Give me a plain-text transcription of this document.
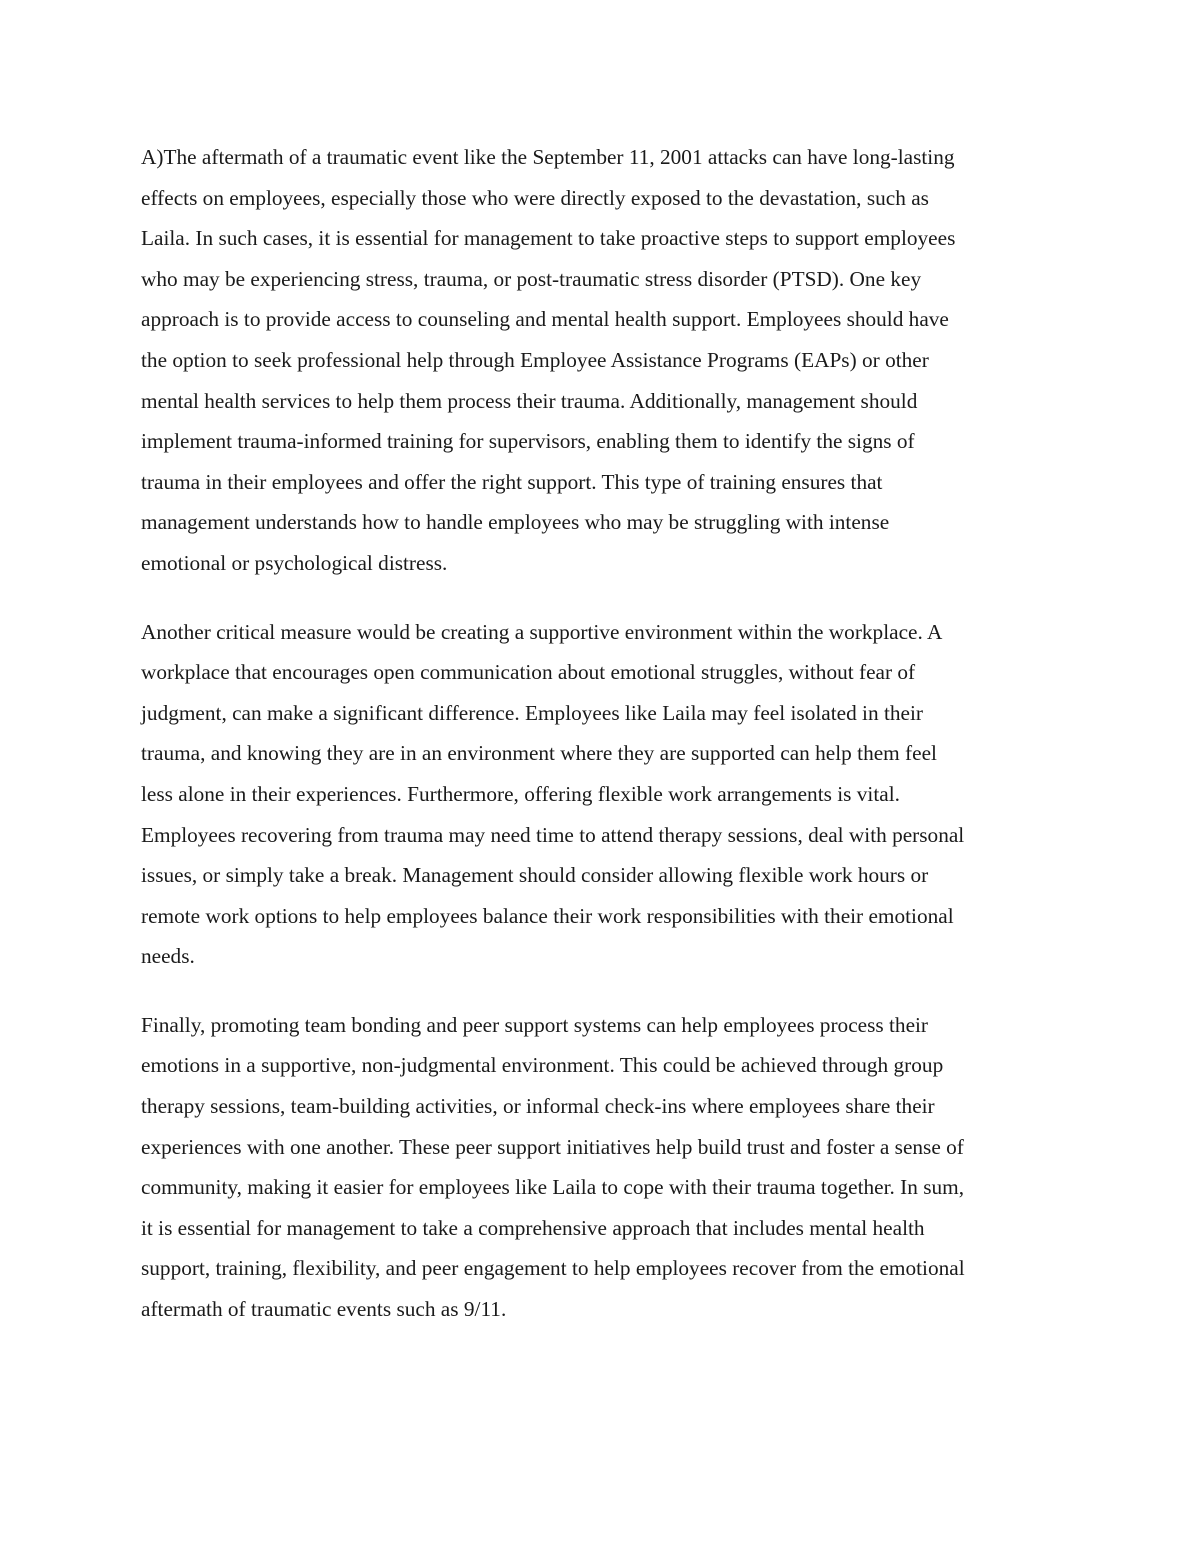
A)The aftermath of a traumatic event like the September 11, 2001 attacks can have long-lasting
effects on employees, especially those who were directly exposed to the devastation, such as
Laila. In such cases, it is essential for management to take proactive steps to support employees
who may be experiencing stress, trauma, or post-traumatic stress disorder (PTSD). One key
approach is to provide access to counseling and mental health support. Employees should have
the option to seek professional help through Employee Assistance Programs (EAPs) or other
mental health services to help them process their trauma. Additionally, management should
implement trauma-informed training for supervisors, enabling them to identify the signs of
trauma in their employees and offer the right support. This type of training ensures that
management understands how to handle employees who may be struggling with intense
emotional or psychological distress.

Another critical measure would be creating a supportive environment within the workplace. A
workplace that encourages open communication about emotional struggles, without fear of
judgment, can make a significant difference. Employees like Laila may feel isolated in their
trauma, and knowing they are in an environment where they are supported can help them feel
less alone in their experiences. Furthermore, offering flexible work arrangements is vital.
Employees recovering from trauma may need time to attend therapy sessions, deal with personal
issues, or simply take a break. Management should consider allowing flexible work hours or
remote work options to help employees balance their work responsibilities with their emotional
needs.

Finally, promoting team bonding and peer support systems can help employees process their
emotions in a supportive, non-judgmental environment. This could be achieved through group
therapy sessions, team-building activities, or informal check-ins where employees share their
experiences with one another. These peer support initiatives help build trust and foster a sense of
community, making it easier for employees like Laila to cope with their trauma together. In sum,
it is essential for management to take a comprehensive approach that includes mental health
support, training, flexibility, and peer engagement to help employees recover from the emotional
aftermath of traumatic events such as 9/11.
